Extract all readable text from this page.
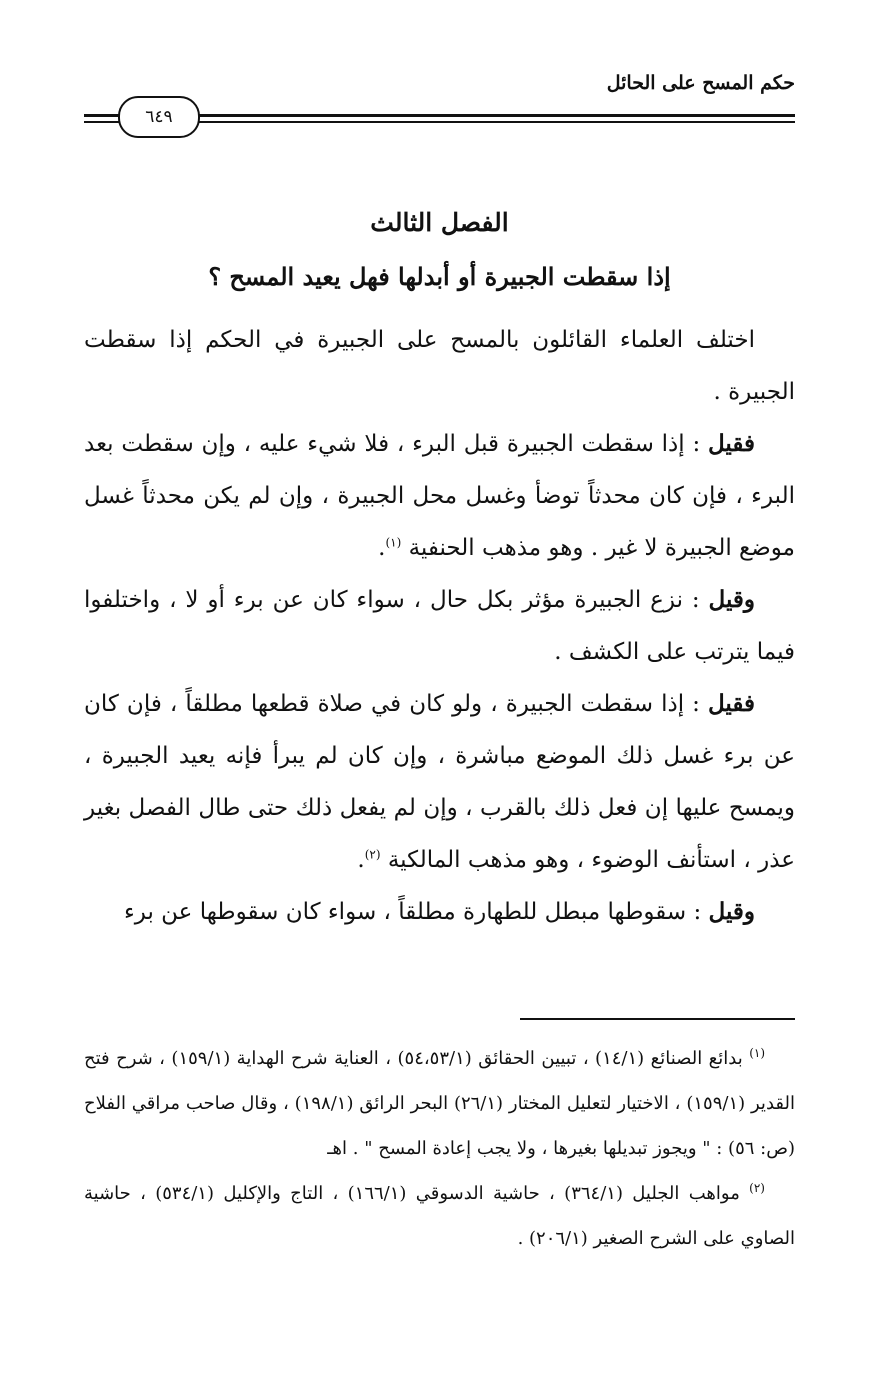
حكم المسح على الحائل
٦٤٩
الفصل الثالث
إذا سقطت الجبيرة أو أبدلها فهل يعيد المسح ؟

اختلف العلماء القائلون بالمسح على الجبيرة في الحكم إذا سقطت الجبيرة .

فقيل : إذا سقطت الجبيرة قبل البرء ، فلا شيء عليه ، وإن سقطت بعد البرء ، فإن كان محدثاً توضأ وغسل محل الجبيرة ، وإن لم يكن محدثاً غسل موضع الجبيرة لا غير . وهو مذهب الحنفية $^{(١)}$.

وقيل : نزع الجبيرة مؤثر بكل حال ، سواء كان عن برء أو لا ، واختلفوا فيما يترتب على الكشف .

فقيل : إذا سقطت الجبيرة ، ولو كان في صلاة قطعها مطلقاً ، فإن كان عن برء غسل ذلك الموضع مباشرة ، وإن كان لم يبرأ فإنه يعيد الجبيرة ، ويمسح عليها إن فعل ذلك بالقرب ، وإن لم يفعل ذلك حتى طال الفصل بغير عذر ، استأنف الوضوء ، وهو مذهب المالكية $^{(٢)}$.

وقيل : سقوطها مبطل للطهارة مطلقاً ، سواء كان سقوطها عن برء

$^{(١)}$ بدائع الصنائع (١٤/١) ، تبيين الحقائق (٥٤،٥٣/١) ، العناية شرح الهداية (١٥٩/١) ، شرح فتح القدير (١٥٩/١) ، الاختيار لتعليل المختار (٢٦/١) البحر الرائق (١٩٨/١) ، وقال صاحب مراقي الفلاح (ص: ٥٦) : " ويجوز تبديلها بغيرها ، ولا يجب إعادة المسح " . اهـ

$^{(٢)}$ مواهب الجليل (٣٦٤/١) ، حاشية الدسوقي (١٦٦/١) ، التاج والإكليل (٥٣٤/١) ، حاشية الصاوي على الشرح الصغير (٢٠٦/١) .
